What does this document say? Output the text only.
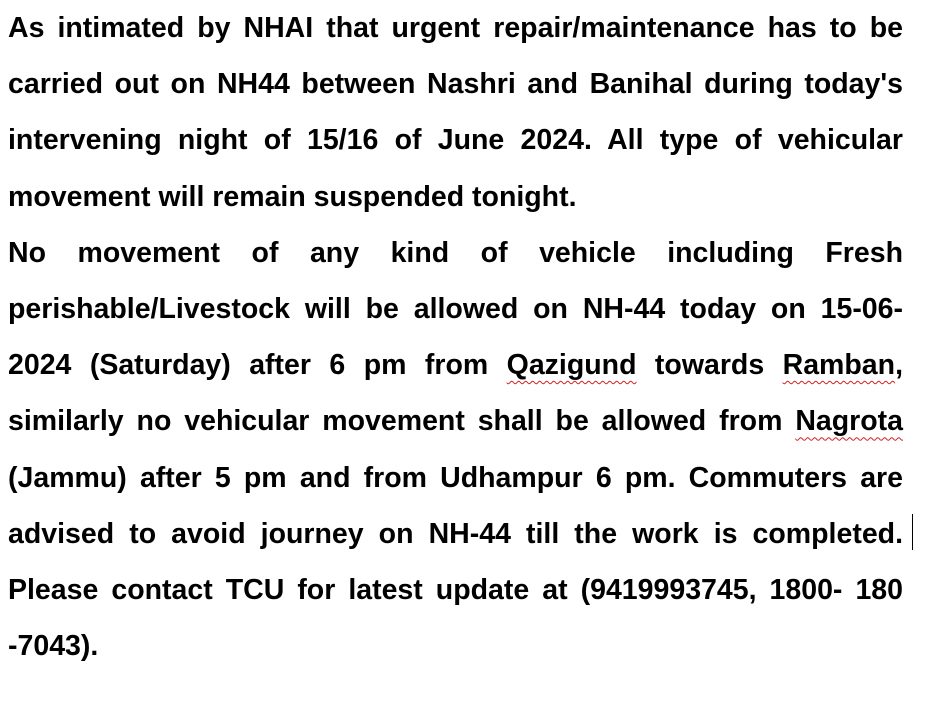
As intimated by NHAI that urgent repair/maintenance has to be carried out on NH44 between Nashri and Banihal during today's intervening night of 15/16 of June 2024. All type of vehicular movement will remain suspended tonight.

No movement of any kind of vehicle including Fresh perishable/Livestock will be allowed on NH-44 today on 15-06-2024 (Saturday) after 6 pm from Qazigund towards Ramban, similarly no vehicular movement shall be allowed from Nagrota (Jammu) after 5 pm and from Udhampur 6 pm. Commuters are advised to avoid journey on NH-44 till the work is completed. Please contact TCU for latest update at (9419993745, 1800- 180 -7043).
